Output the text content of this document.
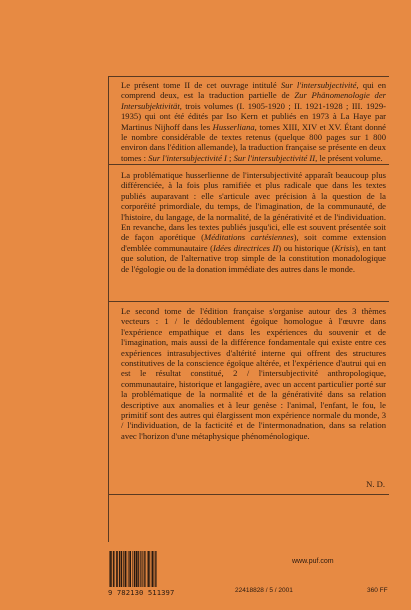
Le présent tome II de cet ouvrage intitulé Sur l'intersubjectivité, qui en comprend deux, est la traduction partielle de Zur Phänomenologie der Intersubjektivität, trois volumes (I. 1905-1920 ; II. 1921-1928 ; III. 1929-1935) qui ont été édités par Iso Kern et publiés en 1973 à La Haye par Martinus Nijhoff dans les Husserliana, tomes XIII, XIV et XV. Étant donné le nombre considérable de textes retenus (quelque 800 pages sur 1 800 environ dans l'édition allemande), la traduction française se présente en deux tomes : Sur l'intersubjectivité I ; Sur l'intersubjectivité II, le présent volume.

La problématique husserlienne de l'intersubjectivité apparaît beaucoup plus différenciée, à la fois plus ramifiée et plus radicale que dans les textes publiés auparavant : elle s'articule avec précision à la question de la corporéité primordiale, du temps, de l'imagination, de la communauté, de l'histoire, du langage, de la normalité, de la générativité et de l'individuation. En revanche, dans les textes publiés jusqu'ici, elle est souvent présentée soit de façon aporétique (Méditations cartésiennes), soit comme extension d'emblée communautaire (Idées directrices II) ou historique (Krisis), en tant que solution, de l'alternative trop simple de la constitution monadologique de l'égologie ou de la donation immédiate des autres dans le monde.

Le second tome de l'édition française s'organise autour des 3 thèmes vecteurs : 1 / le dédoublement égoïque homologue à l'œuvre dans l'expérience empathique et dans les expériences du souvenir et de l'imagination, mais aussi de la différence fondamentale qui existe entre ces expériences intrasubjectives d'altérité interne qui offrent des structures constitutives de la conscience égoïque altérée, et l'expérience d'autrui qui en est le résultat constitué, 2 / l'intersubjectivité anthropologique, communautaire, historique et langagière, avec un accent particulier porté sur la problématique de la normalité et de la générativité dans sa relation descriptive aux anomalies et à leur genèse : l'animal, l'enfant, le fou, le primitif sont des autres qui élargissent mon expérience normale du monde, 3 / l'individuation, de la facticité et de l'intermonadnation, dans sa relation avec l'horizon d'une métaphysique phénoménologique.

N. D.
9 782130 511397
www.puf.com
22418828 / 5 / 2001	360 FF
